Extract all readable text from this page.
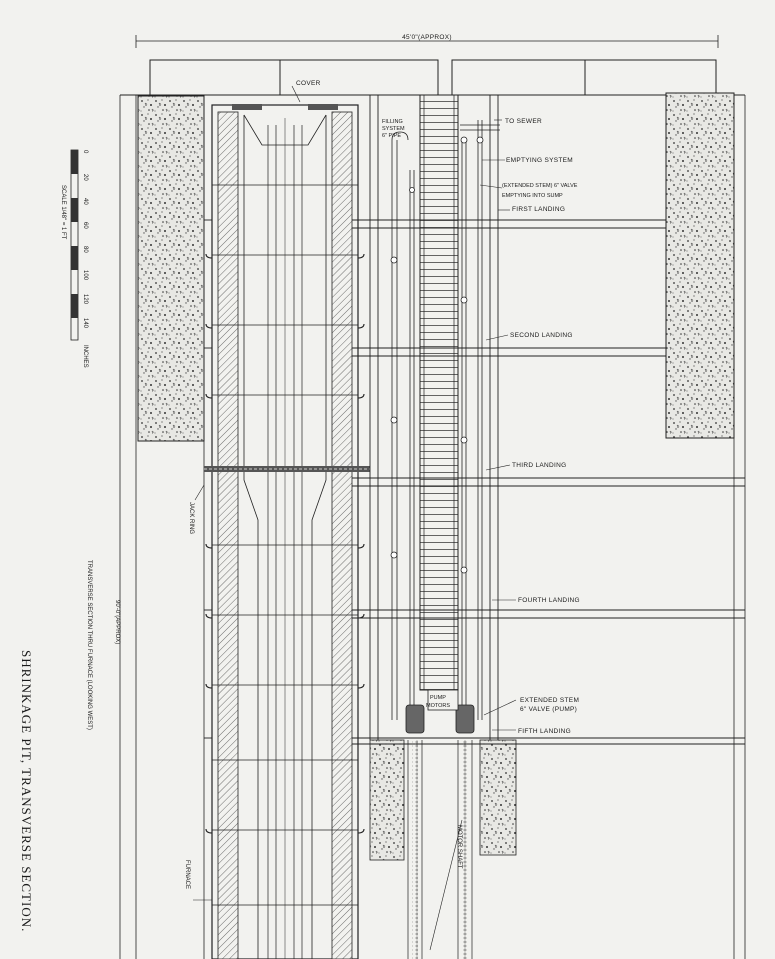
45'0"(APPROX)
COVER
FILLING
SYSTEM
6" PIPE
TO SEWER
EMPTYING SYSTEM
(EXTENDED STEM) 6" VALVE
EMPTYING INTO SUMP
FIRST LANDING
SECOND LANDING
THIRD LANDING
FOURTH LANDING
PUMP
MOTORS
EXTENDED STEM
6" VALVE (PUMP)
FIFTH LANDING
JACK RING
FURNACE
MOTOR SHAFT
90'-0"(APPROX)
TRANSVERSE SECTION THRU FURNACE (LOOKING WEST)
SHRINKAGE PIT, TRANSVERSE SECTION.
0
20
40
60
80
100
120
140
INCHES
SCALE 1/48" = 1 FT
